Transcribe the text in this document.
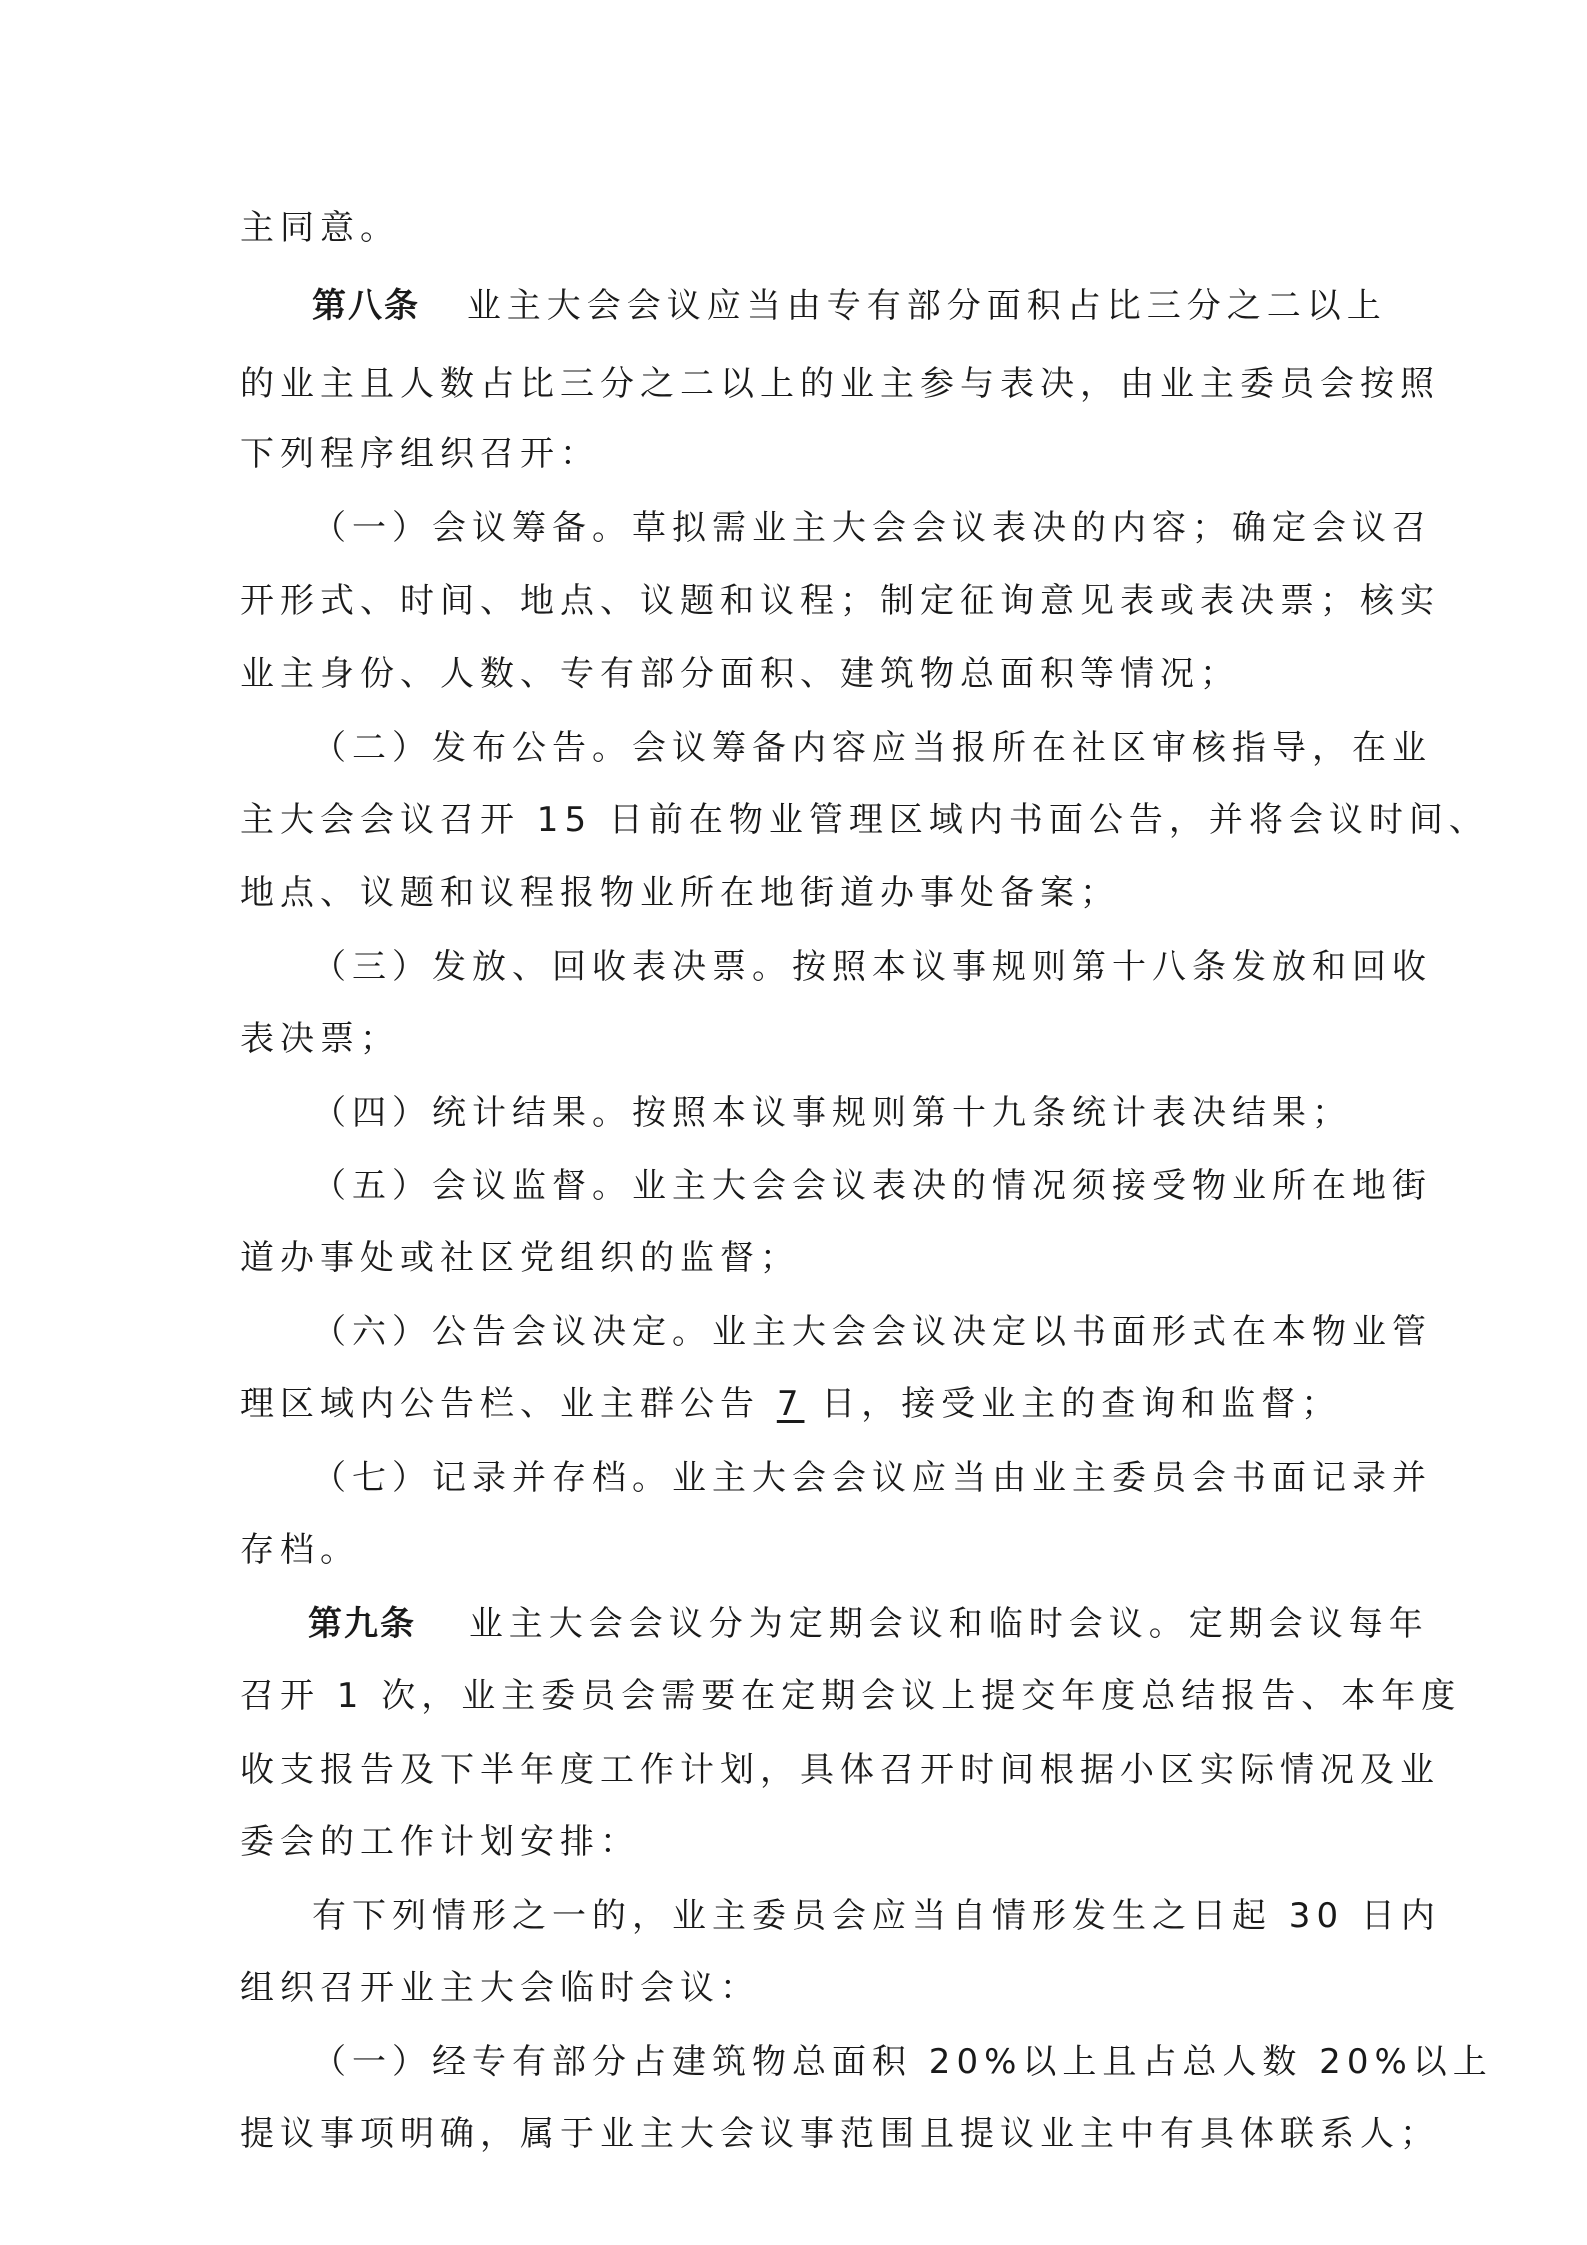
主同意。
第八条 业主大会会议应当由专有部分面积占比三分之二以上
的业主且人数占比三分之二以上的业主参与表决，由业主委员会按照
下列程序组织召开：
（一）会议筹备。草拟需业主大会会议表决的内容；确定会议召
开形式、时间、地点、议题和议程；制定征询意见表或表决票；核实
业主身份、人数、专有部分面积、建筑物总面积等情况；
（二）发布公告。会议筹备内容应当报所在社区审核指导，在业
主大会会议召开 15 日前在物业管理区域内书面公告，并将会议时间、
地点、议题和议程报物业所在地街道办事处备案；
（三）发放、回收表决票。按照本议事规则第十八条发放和回收
表决票；
（四）统计结果。按照本议事规则第十九条统计表决结果；
（五）会议监督。业主大会会议表决的情况须接受物业所在地街
道办事处或社区党组织的监督；
（六）公告会议决定。业主大会会议决定以书面形式在本物业管
理区域内公告栏、业主群公告 7 日，接受业主的查询和监督；
（七）记录并存档。业主大会会议应当由业主委员会书面记录并
存档。
第九条 业主大会会议分为定期会议和临时会议。定期会议每年
召开 1 次，业主委员会需要在定期会议上提交年度总结报告、本年度
收支报告及下半年度工作计划，具体召开时间根据小区实际情况及业
委会的工作计划安排：
有下列情形之一的，业主委员会应当自情形发生之日起 30 日内
组织召开业主大会临时会议：
（一）经专有部分占建筑物总面积 20%以上且占总人数 20%以上
提议事项明确，属于业主大会议事范围且提议业主中有具体联系人；
